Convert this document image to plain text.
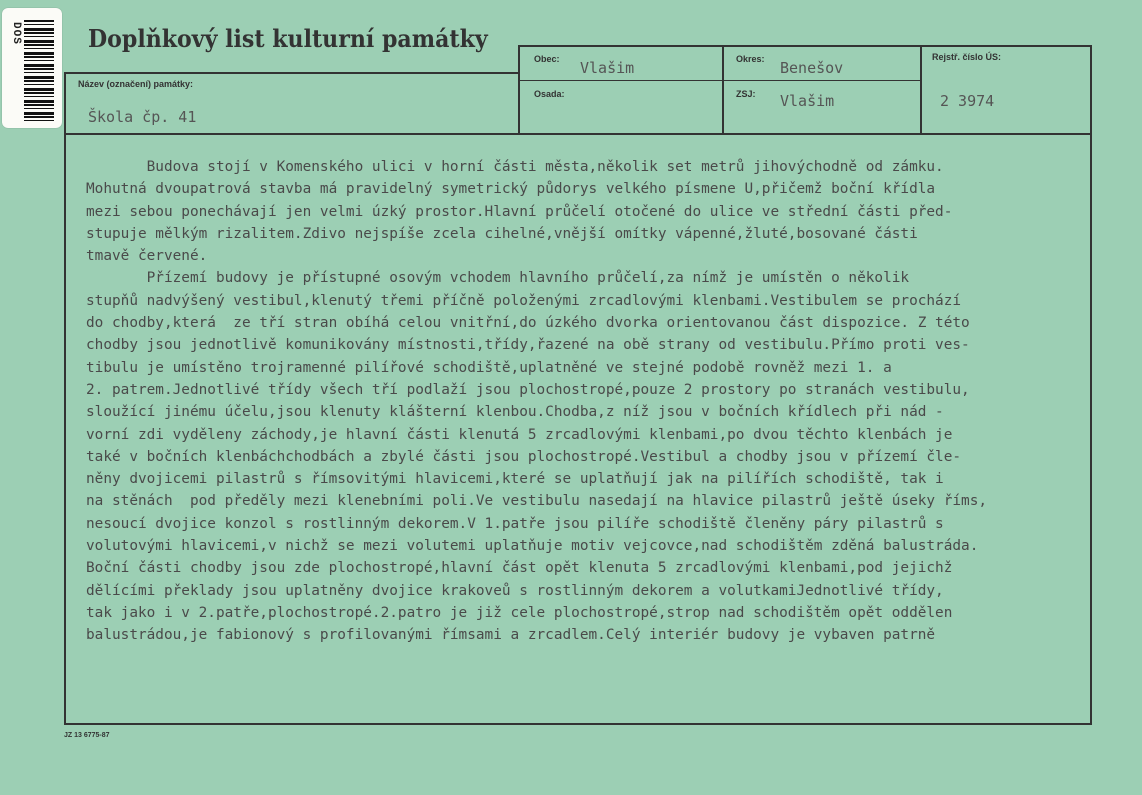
DOS	Doplňkový list kulturní památky
Obec: Vlašim	Okres: Benešov
Rejstř. číslo ÚS:
2 3974
Název (označení) památky:
Škola čp. 41
Osada:	ZSJ: Vlašim

Budova stojí v Komenského ulici v horní části města,několik set metrů jihovýchodně od zámku.

Mohutná dvoupatrová stavba má pravidelný symetrický půdorys velkého písmene U,přičemž boční křídla

mezi sebou ponechávají jen velmi úzký prostor.Hlavní průčelí otočené do ulice ve střední části před-

stupuje mělkým rizalitem.Zdivo nejspíše zcela cihelné,vnější omítky vápenné,žluté,bosované části

tmavě červené.

Přízemí budovy je přístupné osovým vchodem hlavního průčelí,za nímž je umístěn o několik

stupňů nadvýšený vestibul,klenutý třemi příčně položenými zrcadlovými klenbami.Vestibulem se prochází

do chodby,která  ze tří stran obíhá celou vnitřní,do úzkého dvorka orientovanou část dispozice. Z této

chodby jsou jednotlivě komunikovány místnosti,třídy,řazené na obě strany od vestibulu.Přímo proti ves-

tibulu je umístěno trojramenné pilířové schodiště,uplatněné ve stejné podobě rovněž mezi 1. a

2. patrem.Jednotlivé třídy všech tří podlaží jsou plochostropé,pouze 2 prostory po stranách vestibulu,

sloužící jinému účelu,jsou klenuty klášterní klenbou.Chodba,z níž jsou v bočních křídlech při nád -

vorní zdi vyděleny záchody,je hlavní části klenutá 5 zrcadlovými klenbami,po dvou těchto klenbách je

také v bočních klenbáchchodbách a zbylé části jsou plochostropé.Vestibul a chodby jsou v přízemí čle-

něny dvojicemi pilastrů s římsovitými hlavicemi,které se uplatňují jak na pilířích schodiště, tak i

na stěnách  pod předěly mezi klenebními poli.Ve vestibulu nasedají na hlavice pilastrů ještě úseky říms,

nesoucí dvojice konzol s rostlinným dekorem.V 1.patře jsou pilíře schodiště členěny páry pilastrů s

volutovými hlavicemi,v nichž se mezi volutemi uplatňuje motiv vejcovce,nad schodištěm zděná balustráda.

Boční části chodby jsou zde plochostropé,hlavní část opět klenuta 5 zrcadlovými klenbami,pod jejichž

dělícími překlady jsou uplatněny dvojice krakoveů s rostlinným dekorem a volutkamiJednotlivé třídy,

tak jako i v 2.patře,plochostropé.2.patro je již cele plochostropé,strop nad schodištěm opět oddělen

balustrádou,je fabionový s profilovanými římsami a zrcadlem.Celý interiér budovy je vybaven patrně

JZ 13 6775-87
